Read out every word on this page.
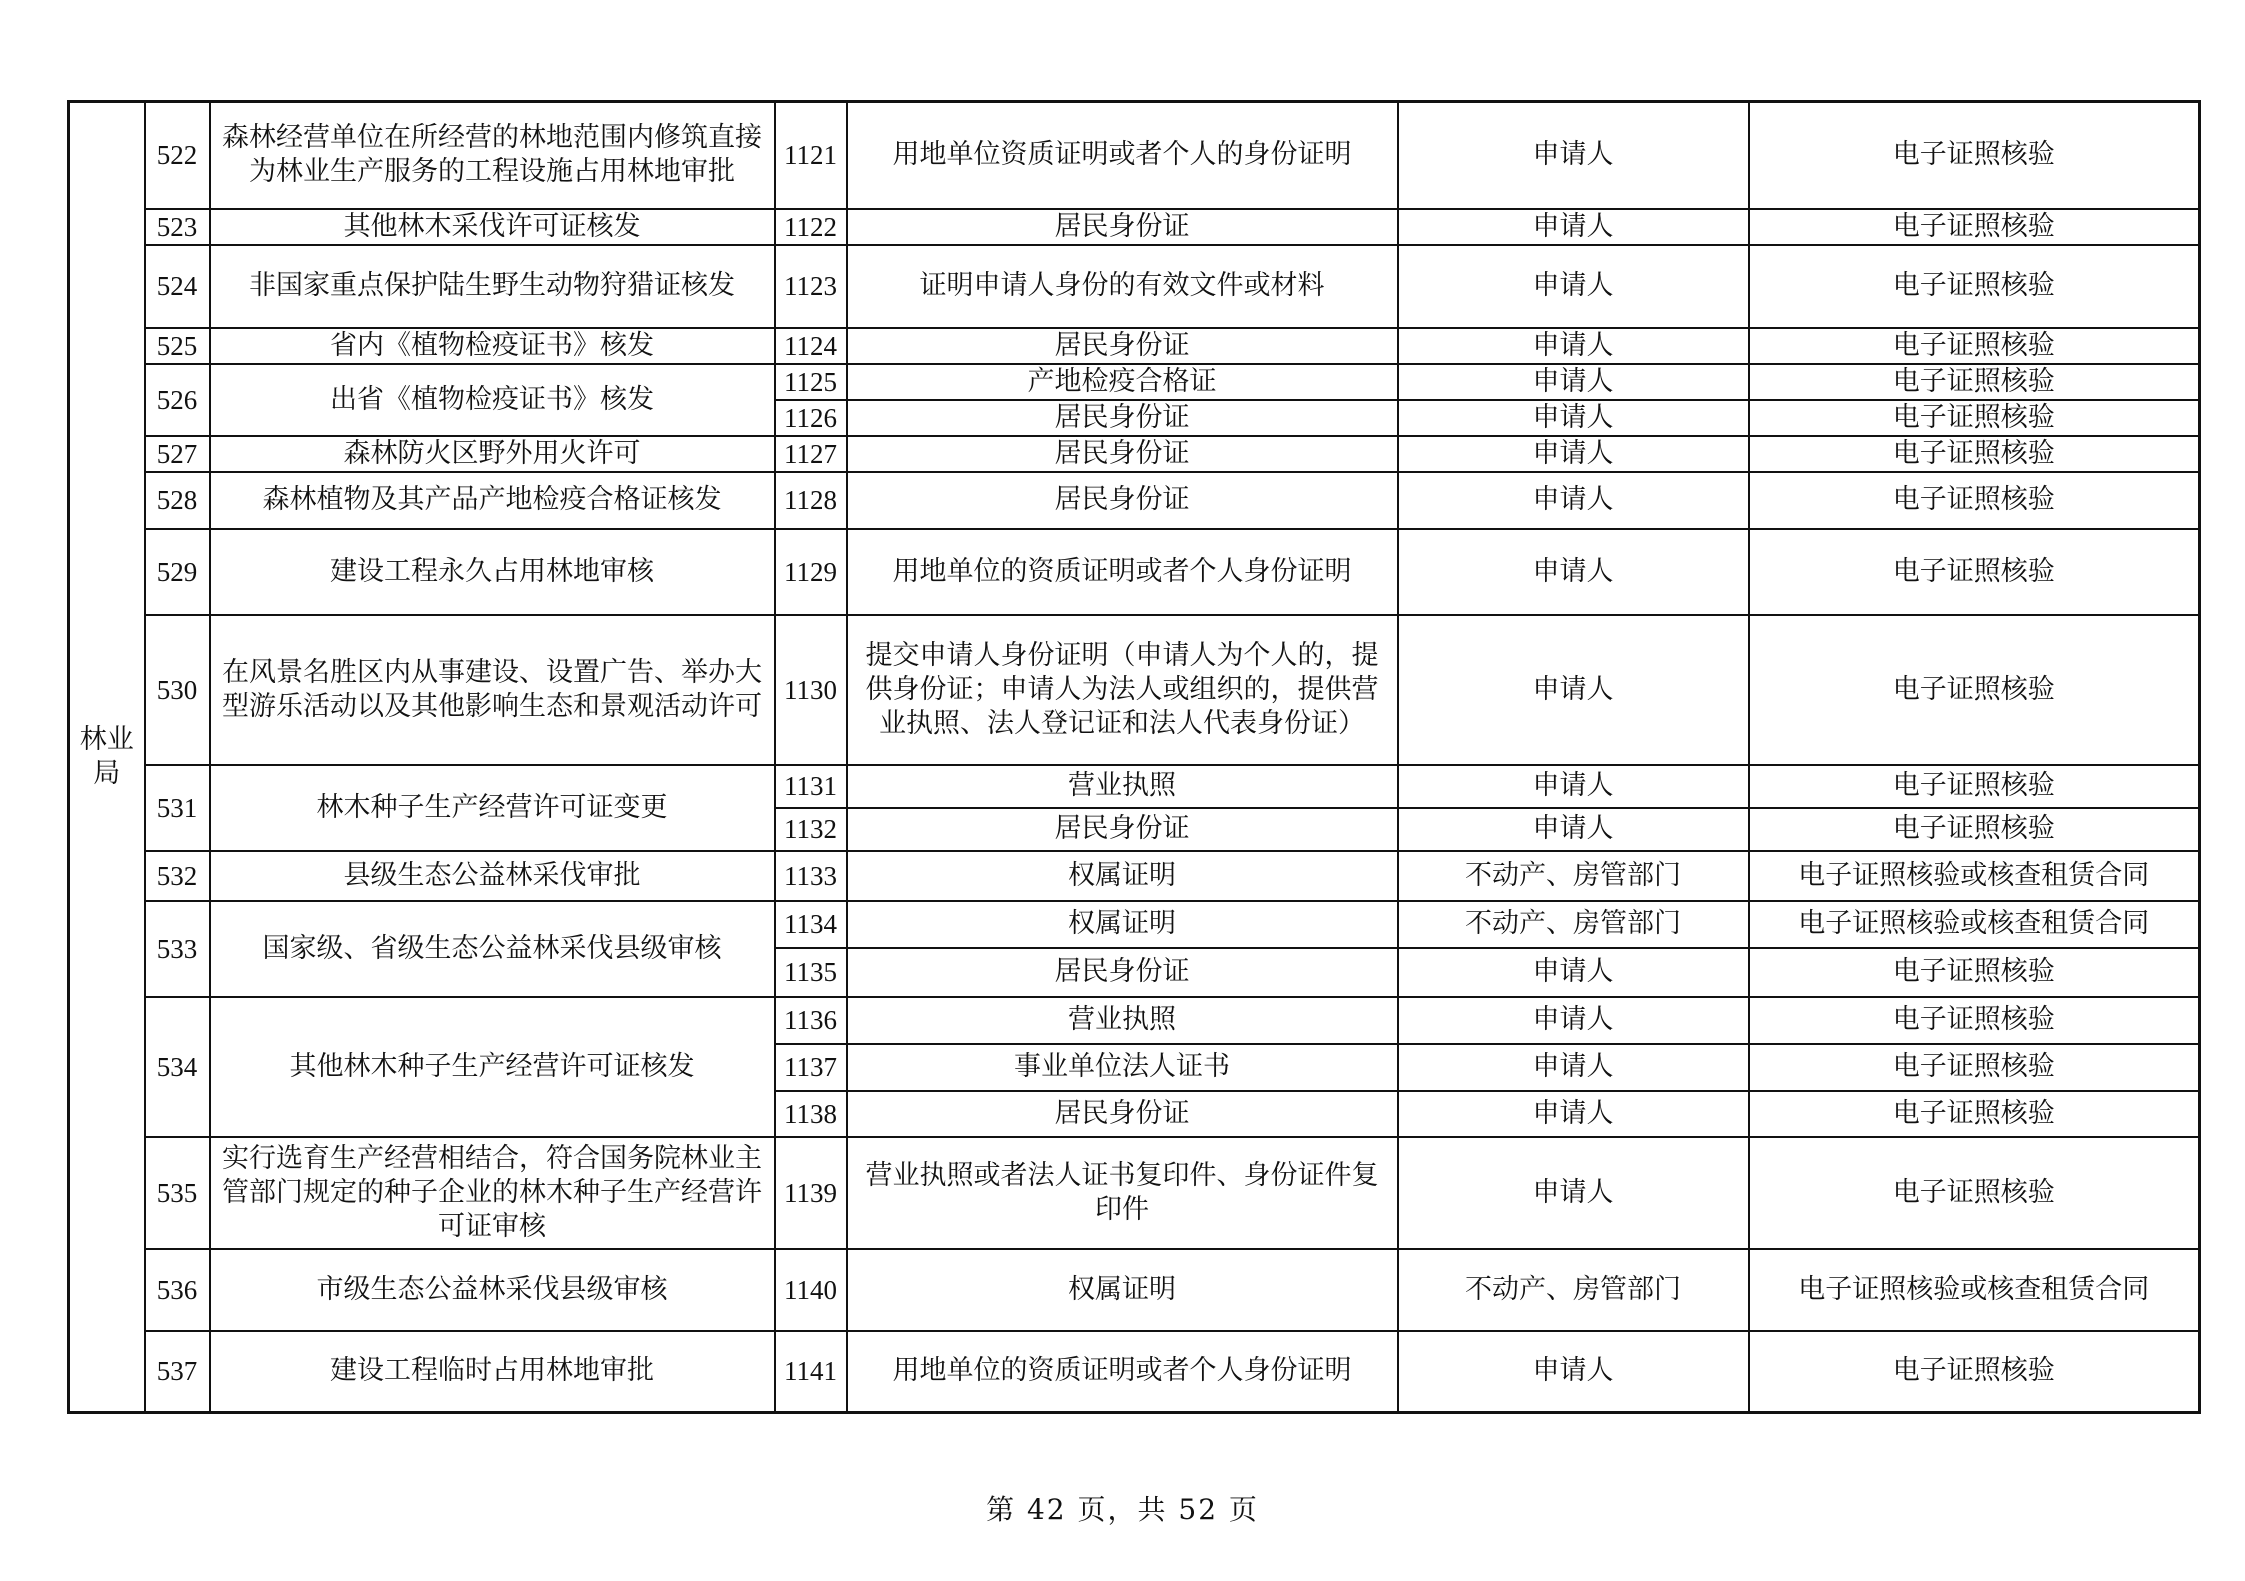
林业局	522	森林经营单位在所经营的林地范围内修筑直接为林业生产服务的工程设施占用林地审批	1121	用地单位资质证明或者个人的身份证明	申请人	电子证照核验
	523	其他林木采伐许可证核发	1122	居民身份证	申请人	电子证照核验
	524	非国家重点保护陆生野生动物狩猎证核发	1123	证明申请人身份的有效文件或材料	申请人	电子证照核验
	525	省内《植物检疫证书》核发	1124	居民身份证	申请人	电子证照核验
	526	出省《植物检疫证书》核发	1125	产地检疫合格证	申请人	电子证照核验
			1126	居民身份证	申请人	电子证照核验
	527	森林防火区野外用火许可	1127	居民身份证	申请人	电子证照核验
	528	森林植物及其产品产地检疫合格证核发	1128	居民身份证	申请人	电子证照核验
	529	建设工程永久占用林地审核	1129	用地单位的资质证明或者个人身份证明	申请人	电子证照核验
	530	在风景名胜区内从事建设、设置广告、举办大型游乐活动以及其他影响生态和景观活动许可	1130	提交申请人身份证明（申请人为个人的，提供身份证；申请人为法人或组织的，提供营业执照、法人登记证和法人代表身份证）	申请人	电子证照核验
	531	林木种子生产经营许可证变更	1131	营业执照	申请人	电子证照核验
			1132	居民身份证	申请人	电子证照核验
	532	县级生态公益林采伐审批	1133	权属证明	不动产、房管部门	电子证照核验或核查租赁合同
	533	国家级、省级生态公益林采伐县级审核	1134	权属证明	不动产、房管部门	电子证照核验或核查租赁合同
			1135	居民身份证	申请人	电子证照核验
	534	其他林木种子生产经营许可证核发	1136	营业执照	申请人	电子证照核验
			1137	事业单位法人证书	申请人	电子证照核验
			1138	居民身份证	申请人	电子证照核验
	535	实行选育生产经营相结合，符合国务院林业主管部门规定的种子企业的林木种子生产经营许可证审核	1139	营业执照或者法人证书复印件、身份证件复印件	申请人	电子证照核验
	536	市级生态公益林采伐县级审核	1140	权属证明	不动产、房管部门	电子证照核验或核查租赁合同
	537	建设工程临时占用林地审批	1141	用地单位的资质证明或者个人身份证明	申请人	电子证照核验
第 42 页，共 52 页
